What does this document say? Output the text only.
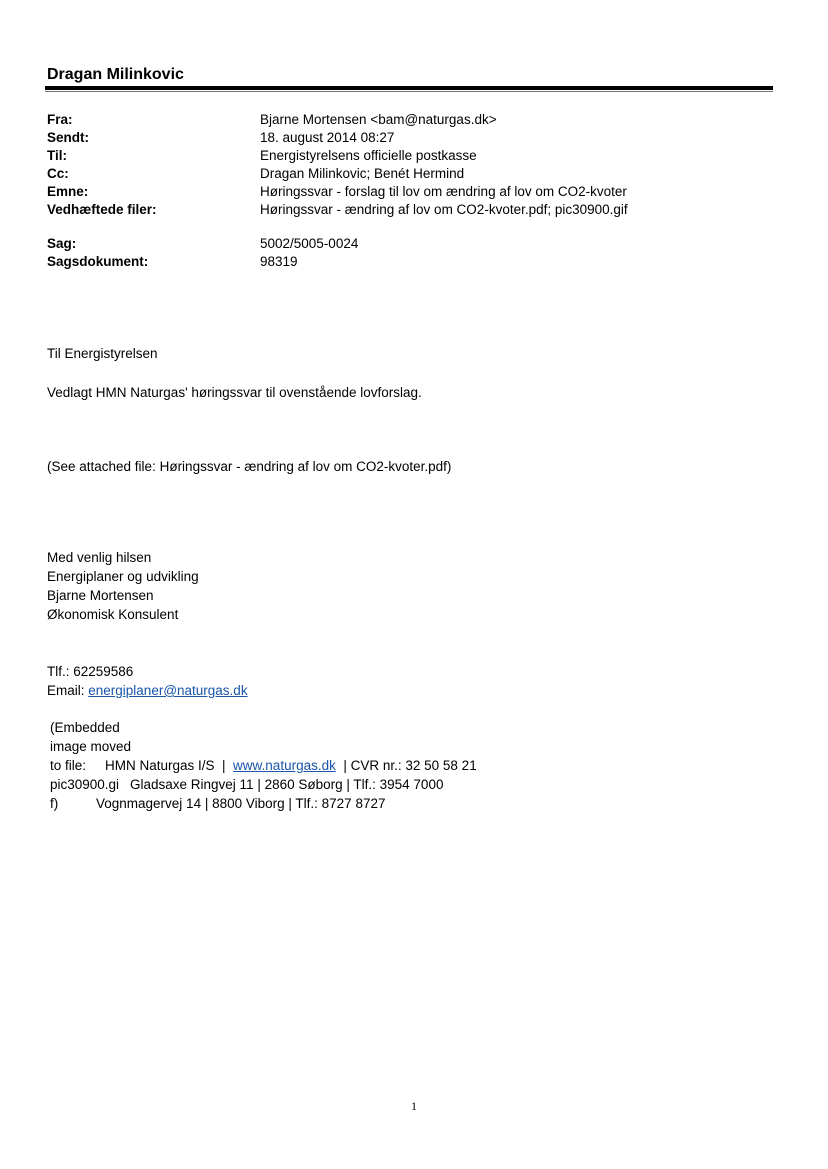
Dragan Milinkovic
Fra:	Bjarne Mortensen <bam@naturgas.dk>
Sendt:	18. august 2014 08:27
Til:	Energistyrelsens officielle postkasse
Cc:	Dragan Milinkovic; Benét Hermind
Emne:	Høringssvar - forslag til lov om ændring af lov om CO2-kvoter
Vedhæftede filer:	Høringssvar - ændring af lov om CO2-kvoter.pdf; pic30900.gif
Sag:	5002/5005-0024
Sagsdokument:	98319
Til Energistyrelsen
Vedlagt HMN Naturgas' høringssvar til ovenstående lovforslag.
(See attached file: Høringssvar - ændring af lov om CO2-kvoter.pdf)
Med venlig hilsen
Energiplaner og udvikling
Bjarne Mortensen
Økonomisk Konsulent
Tlf.: 62259586
Email: energiplaner@naturgas.dk
(Embedded
image moved
to file: HMN Naturgas I/S  |  www.naturgas.dk  | CVR nr.: 32 50 58 21
pic30900.gi Gladsaxe Ringvej 11 | 2860 Søborg | Tlf.: 3954 7000
f)	Vognmagervej 14 | 8800 Viborg | Tlf.: 8727 8727
1
